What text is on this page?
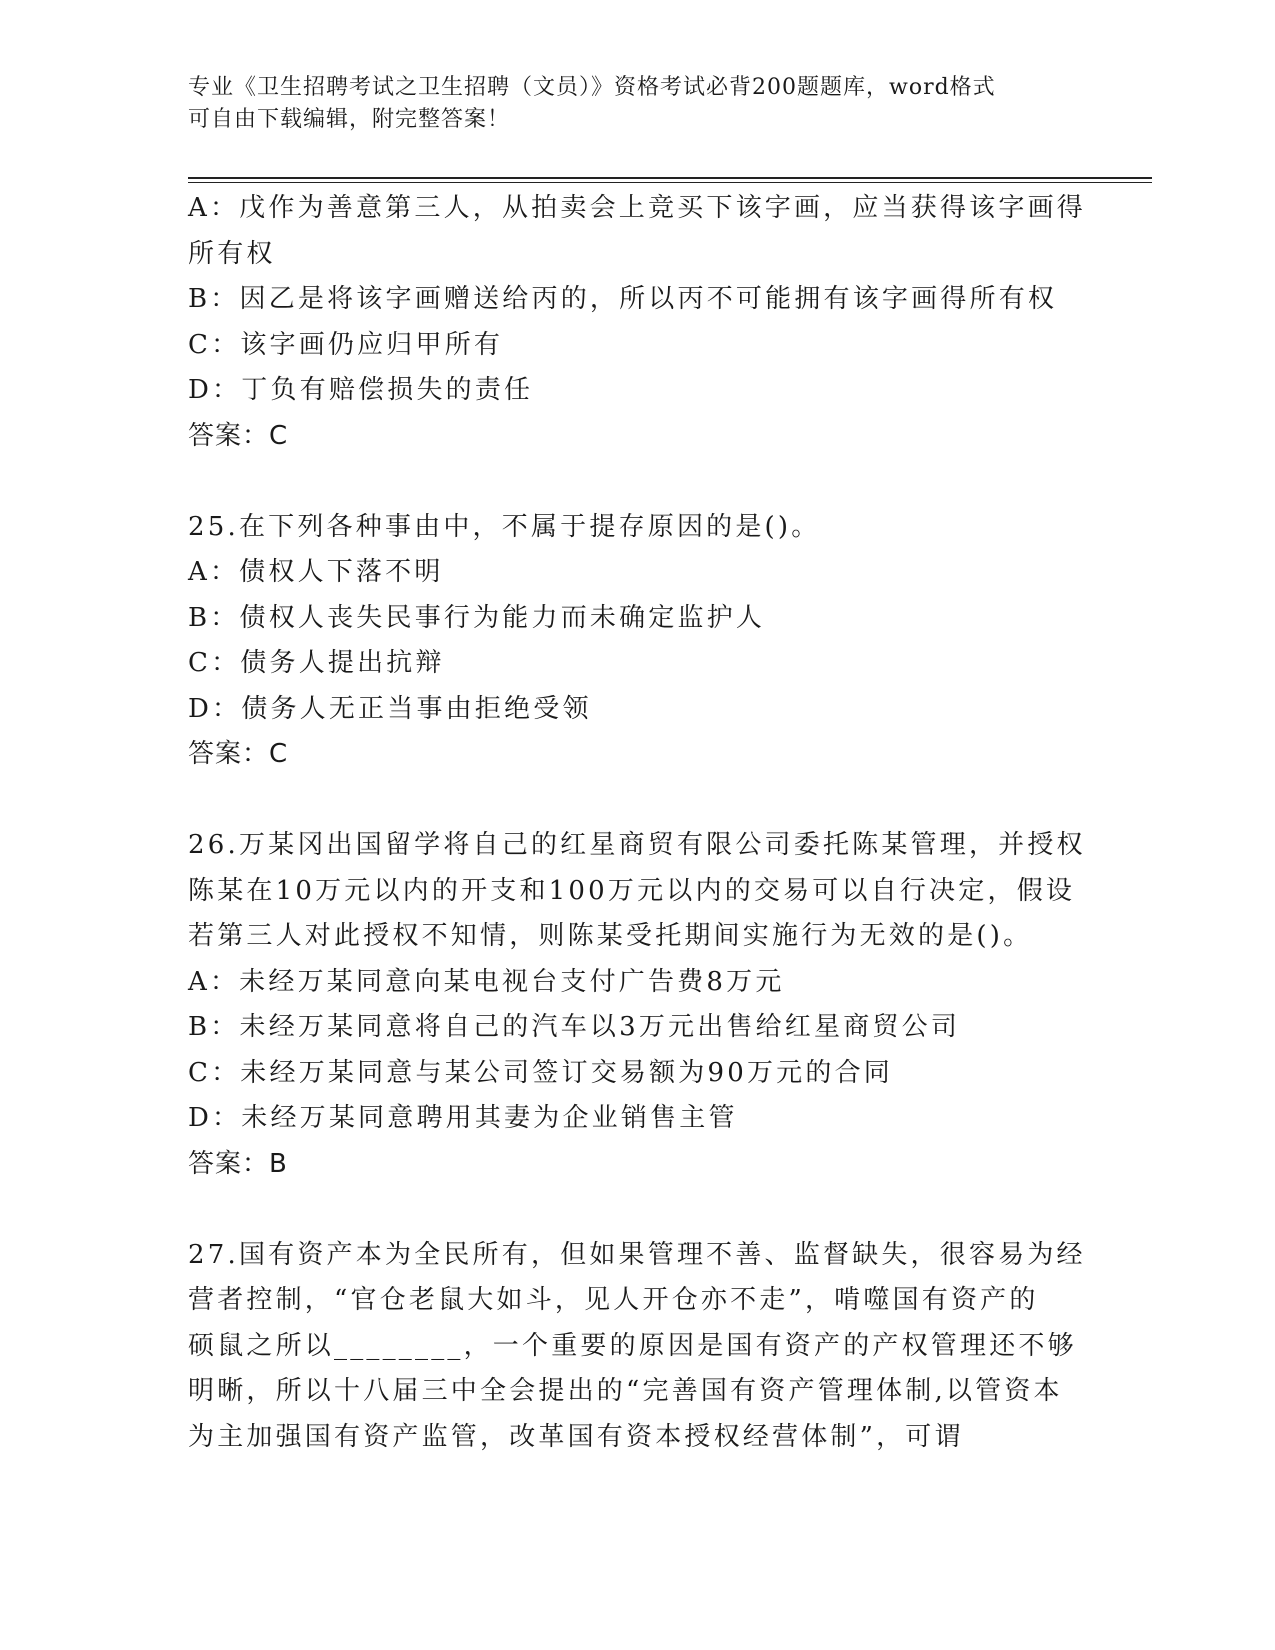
专业《卫生招聘考试之卫生招聘（文员）》资格考试必背200题题库，word格式
可自由下载编辑，附完整答案！
A：戊作为善意第三人，从拍卖会上竞买下该字画，应当获得该字画得
所有权
B：因乙是将该字画赠送给丙的，所以丙不可能拥有该字画得所有权
C：该字画仍应归甲所有
D：丁负有赔偿损失的责任
答案：C
25.在下列各种事由中，不属于提存原因的是()。
A：债权人下落不明
B：债权人丧失民事行为能力而未确定监护人
C：债务人提出抗辩
D：债务人无正当事由拒绝受领
答案：C
26.万某冈出国留学将自己的红星商贸有限公司委托陈某管理，并授权
陈某在10万元以内的开支和100万元以内的交易可以自行决定，假设
若第三人对此授权不知情，则陈某受托期间实施行为无效的是()。
A：未经万某同意向某电视台支付广告费8万元
B：未经万某同意将自己的汽车以3万元出售给红星商贸公司
C：未经万某同意与某公司签订交易额为90万元的合同
D：未经万某同意聘用其妻为企业销售主管
答案：B
27.国有资产本为全民所有，但如果管理不善、监督缺失，很容易为经
营者控制，“官仓老鼠大如斗，见人开仓亦不走”，啃噬国有资产的
硕鼠之所以________，一个重要的原因是国有资产的产权管理还不够
明晰，所以十八届三中全会提出的“完善国有资产管理体制,以管资本
为主加强国有资产监管，改革国有资本授权经营体制”，可谓
